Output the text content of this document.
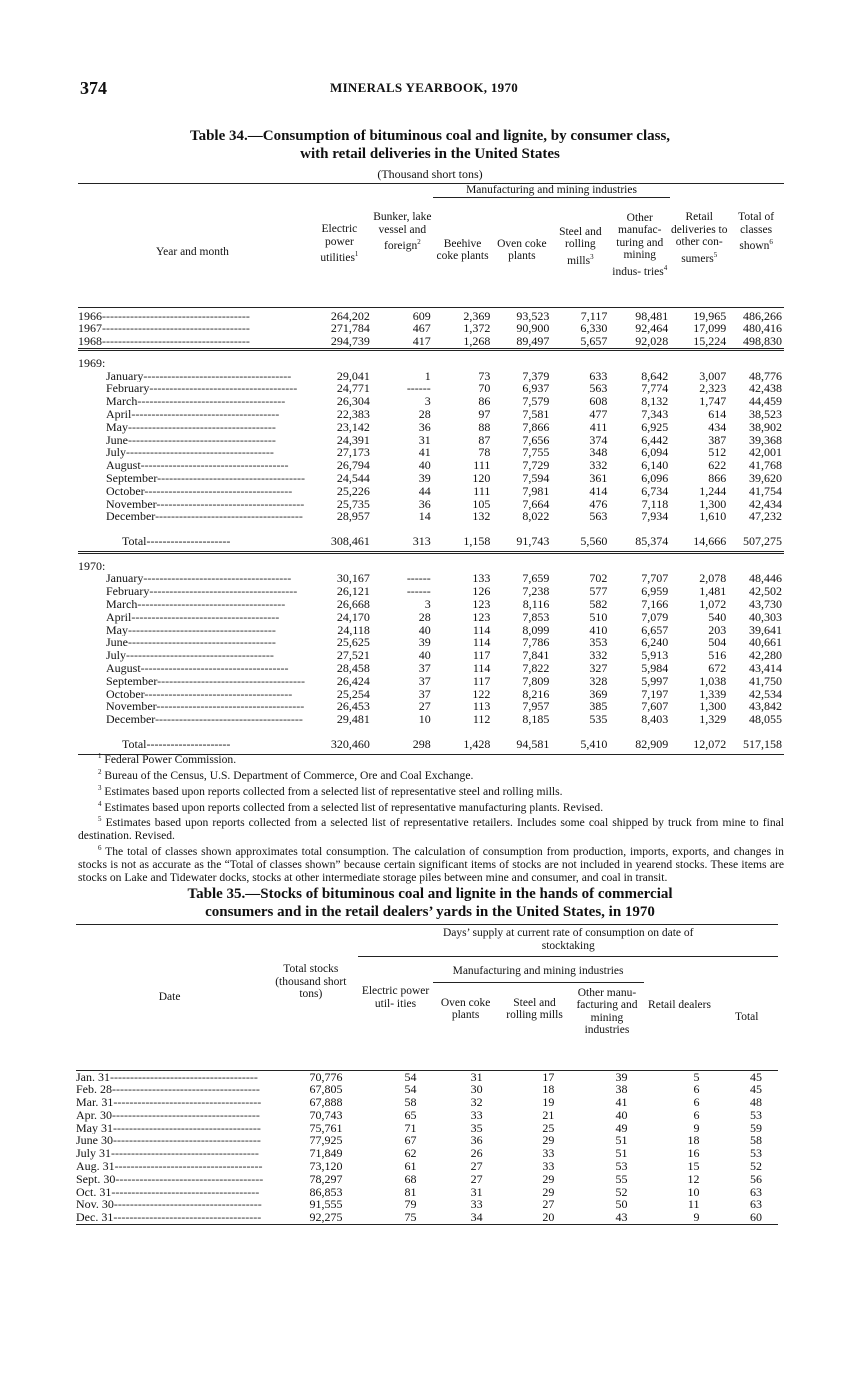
374	MINERALS YEARBOOK, 1970
Table 34.—Consumption of bituminous coal and lignite, by consumer class,
with retail deliveries in the United States
(Thousand short tons)
			Manufacturing and mining industries					
Year and month	Electric power utilities$^1$	Bunker, lake vessel and foreign$^2$	Beehive coke plants	Oven coke plants	Steel and rolling mills$^3$	Other manufac- turing and mining indus- tries$^4$	Retail deliveries to other con- sumers$^5$	Total of classes shown$^6$
1966-------------------------------------	264,202	609	2,369	93,523	7,117	98,481	19,965	486,266
1967-------------------------------------	271,784	467	1,372	90,900	6,330	92,464	17,099	480,416
1968-------------------------------------	294,739	417	1,268	89,497	5,657	92,028	15,224	498,830
1969:								
January-------------------------------------	29,041	1	73	7,379	633	8,642	3,007	48,776
February-------------------------------------	24,771	------	70	6,937	563	7,774	2,323	42,438
March-------------------------------------	26,304	3	86	7,579	608	8,132	1,747	44,459
April-------------------------------------	22,383	28	97	7,581	477	7,343	614	38,523
May-------------------------------------	23,142	36	88	7,866	411	6,925	434	38,902
June-------------------------------------	24,391	31	87	7,656	374	6,442	387	39,368
July-------------------------------------	27,173	41	78	7,755	348	6,094	512	42,001
August-------------------------------------	26,794	40	111	7,729	332	6,140	622	41,768
September-------------------------------------	24,544	39	120	7,594	361	6,096	866	39,620
October-------------------------------------	25,226	44	111	7,981	414	6,734	1,244	41,754
November-------------------------------------	25,735	36	105	7,664	476	7,118	1,300	42,434
December-------------------------------------	28,957	14	132	8,022	563	7,934	1,610	47,232
Total---------------------	308,461	313	1,158	91,743	5,560	85,374	14,666	507,275

1970:								
January-------------------------------------	30,167	------	133	7,659	702	7,707	2,078	48,446
February-------------------------------------	26,121	------	126	7,238	577	6,959	1,481	42,502
March-------------------------------------	26,668	3	123	8,116	582	7,166	1,072	43,730
April-------------------------------------	24,170	28	123	7,853	510	7,079	540	40,303
May-------------------------------------	24,118	40	114	8,099	410	6,657	203	39,641
June-------------------------------------	25,625	39	114	7,786	353	6,240	504	40,661
July-------------------------------------	27,521	40	117	7,841	332	5,913	516	42,280
August-------------------------------------	28,458	37	114	7,822	327	5,984	672	43,414
September-------------------------------------	26,424	37	117	7,809	328	5,997	1,038	41,750
October-------------------------------------	25,254	37	122	8,216	369	7,197	1,339	42,534
November-------------------------------------	26,453	27	113	7,957	385	7,607	1,300	43,842
December-------------------------------------	29,481	10	112	8,185	535	8,403	1,329	48,055
Total---------------------	320,460	298	1,428	94,581	5,410	82,909	12,072	517,158

$^1$ Federal Power Commission.

$^2$ Bureau of the Census, U.S. Department of Commerce, Ore and Coal Exchange.

$^3$ Estimates based upon reports collected from a selected list of representative steel and rolling mills.

$^4$ Estimates based upon reports collected from a selected list of representative manufacturing plants. Revised.

$^5$ Estimates based upon reports collected from a selected list of representative retailers. Includes some coal shipped by truck from mine to final destination. Revised.

$^6$ The total of classes shown approximates total consumption. The calculation of consumption from production, imports, exports, and changes in stocks is not as accurate as the “Total of classes shown” because certain significant items of stocks are not included in yearend stocks. These items are stocks on Lake and Tidewater docks, stocks at other intermediate storage piles between mine and consumer, and coal in transit.

Table 35.—Stocks of bituminous coal and lignite in the hands of commercial
consumers and in the retail dealers’ yards in the United States, in 1970
Date	Total stocks (thousand short tons)	Days’ supply at current rate of consumption on date of stocktaking					
		Electric power util- ities	Manufacturing and mining industries			Retail dealers	Total
			Oven coke plants	Steel and rolling mills	Other manu- facturing and mining industries		
Jan. 31-------------------------------------	70,776	54	31	17	39	5	45
Feb. 28-------------------------------------	67,805	54	30	18	38	6	45
Mar. 31-------------------------------------	67,888	58	32	19	41	6	48
Apr. 30-------------------------------------	70,743	65	33	21	40	6	53
May 31-------------------------------------	75,761	71	35	25	49	9	59
June 30-------------------------------------	77,925	67	36	29	51	18	58
July 31-------------------------------------	71,849	62	26	33	51	16	53
Aug. 31-------------------------------------	73,120	61	27	33	53	15	52
Sept. 30-------------------------------------	78,297	68	27	29	55	12	56
Oct. 31-------------------------------------	86,853	81	31	29	52	10	63
Nov. 30-------------------------------------	91,555	79	33	27	50	11	63
Dec. 31-------------------------------------	92,275	75	34	20	43	9	60
